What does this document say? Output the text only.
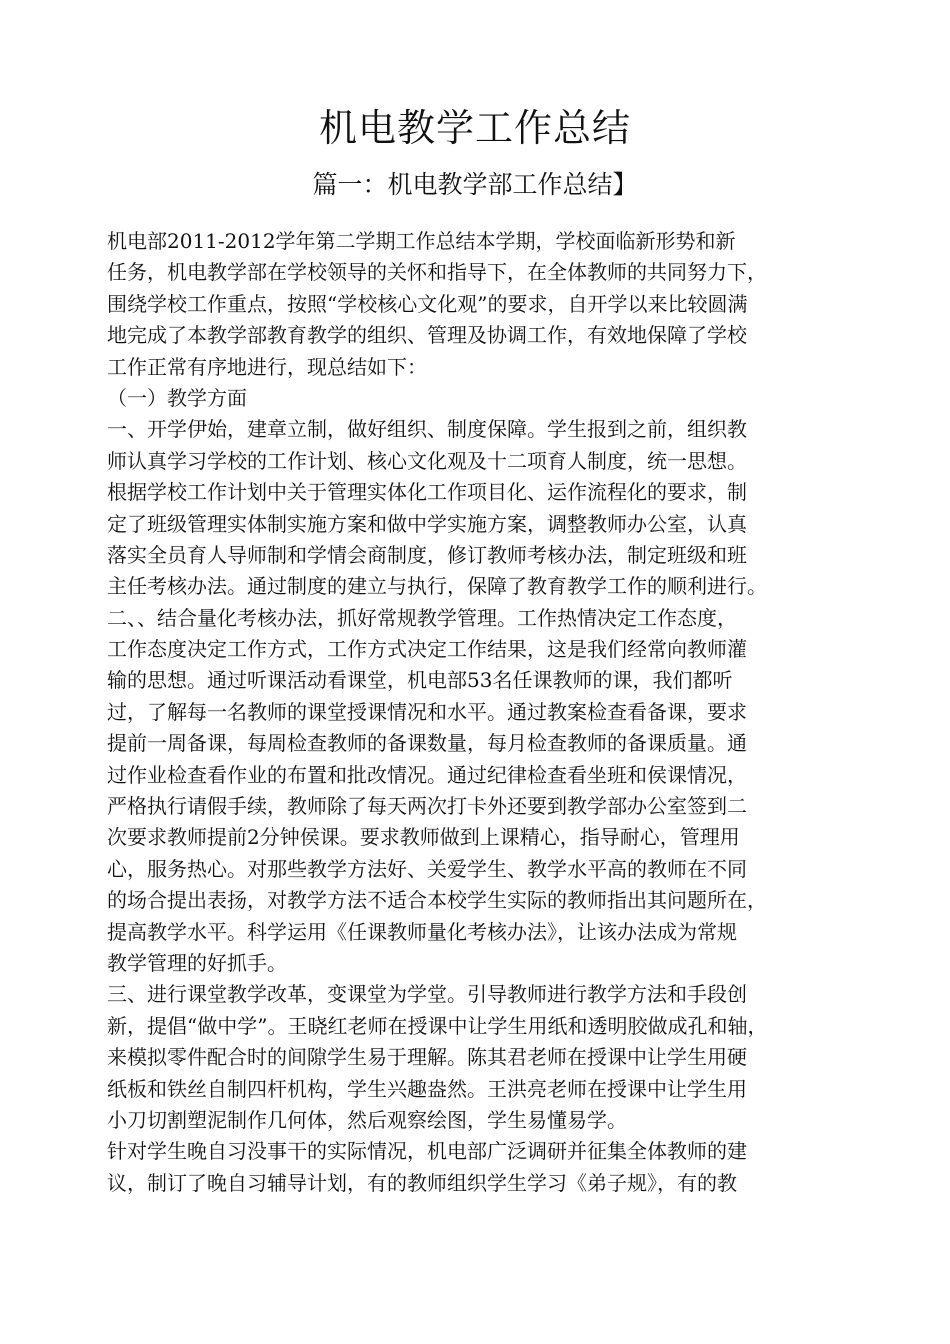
机电教学工作总结
篇一：机电教学部工作总结】
机电部2011-2012学年第二学期工作总结本学期，学校面临新形势和新
任务，机电教学部在学校领导的关怀和指导下，在全体教师的共同努力下，
围绕学校工作重点，按照“学校核心文化观”的要求，自开学以来比较圆满
地完成了本教学部教育教学的组织、管理及协调工作，有效地保障了学校
工作正常有序地进行，现总结如下：
（一）教学方面
一、开学伊始，建章立制，做好组织、制度保障。学生报到之前，组织教
师认真学习学校的工作计划、核心文化观及十二项育人制度，统一思想。
根据学校工作计划中关于管理实体化工作项目化、运作流程化的要求，制
定了班级管理实体制实施方案和做中学实施方案，调整教师办公室，认真
落实全员育人导师制和学情会商制度，修订教师考核办法，制定班级和班
主任考核办法。通过制度的建立与执行，保障了教育教学工作的顺利进行。
二、、结合量化考核办法，抓好常规教学管理。工作热情决定工作态度，
工作态度决定工作方式，工作方式决定工作结果，这是我们经常向教师灌
输的思想。通过听课活动看课堂，机电部53名任课教师的课，我们都听
过，了解每一名教师的课堂授课情况和水平。通过教案检查看备课，要求
提前一周备课，每周检查教师的备课数量，每月检查教师的备课质量。通
过作业检查看作业的布置和批改情况。通过纪律检查看坐班和侯课情况，
严格执行请假手续，教师除了每天两次打卡外还要到教学部办公室签到二
次要求教师提前2分钟侯课。要求教师做到上课精心，指导耐心，管理用
心，服务热心。对那些教学方法好、关爱学生、教学水平高的教师在不同
的场合提出表扬，对教学方法不适合本校学生实际的教师指出其问题所在，
提高教学水平。科学运用《任课教师量化考核办法》，让该办法成为常规
教学管理的好抓手。
三、进行课堂教学改革，变课堂为学堂。引导教师进行教学方法和手段创
新，提倡“做中学”。王晓红老师在授课中让学生用纸和透明胶做成孔和轴，
来模拟零件配合时的间隙学生易于理解。陈其君老师在授课中让学生用硬
纸板和铁丝自制四杆机构，学生兴趣盎然。王洪亮老师在授课中让学生用
小刀切割塑泥制作几何体，然后观察绘图，学生易懂易学。
针对学生晚自习没事干的实际情况，机电部广泛调研并征集全体教师的建
议，制订了晚自习辅导计划，有的教师组织学生学习《弟子规》，有的教
